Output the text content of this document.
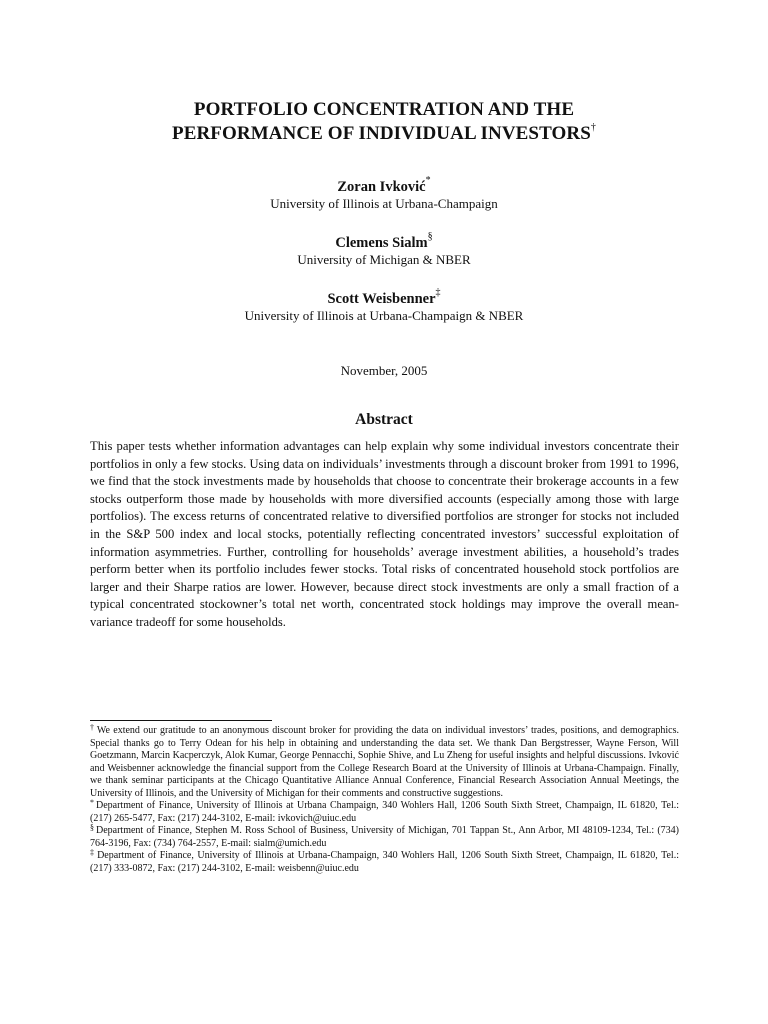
PORTFOLIO CONCENTRATION AND THE
PERFORMANCE OF INDIVIDUAL INVESTORS†
Zoran Ivković*
University of Illinois at Urbana-Champaign
Clemens Sialm§
University of Michigan & NBER
Scott Weisbenner‡
University of Illinois at Urbana-Champaign & NBER
November, 2005
Abstract
This paper tests whether information advantages can help explain why some individual investors concentrate their portfolios in only a few stocks. Using data on individuals’ investments through a discount broker from 1991 to 1996, we find that the stock investments made by households that choose to concentrate their brokerage accounts in a few stocks outperform those made by households with more diversified accounts (especially among those with large portfolios). The excess returns of concentrated relative to diversified portfolios are stronger for stocks not included in the S&P 500 index and local stocks, potentially reflecting concentrated investors’ successful exploitation of information asymmetries. Further, controlling for households’ average investment abilities, a household’s trades perform better when its portfolio includes fewer stocks. Total risks of concentrated household stock portfolios are larger and their Sharpe ratios are lower. However, because direct stock investments are only a small fraction of a typical concentrated stockowner’s total net worth, concentrated stock holdings may improve the overall mean-variance tradeoff for some households.

† We extend our gratitude to an anonymous discount broker for providing the data on individual investors’ trades, positions, and demographics. Special thanks go to Terry Odean for his help in obtaining and understanding the data set. We thank Dan Bergstresser, Wayne Ferson, Will Goetzmann, Marcin Kacperczyk, Alok Kumar, George Pennacchi, Sophie Shive, and Lu Zheng for useful insights and helpful discussions. Ivković and Weisbenner acknowledge the financial support from the College Research Board at the University of Illinois at Urbana-Champaign. Finally, we thank seminar participants at the Chicago Quantitative Alliance Annual Conference, Financial Research Association Annual Meetings, the University of Illinois, and the University of Michigan for their comments and constructive suggestions.

* Department of Finance, University of Illinois at Urbana Champaign, 340 Wohlers Hall, 1206 South Sixth Street, Champaign, IL 61820, Tel.: (217) 265-5477, Fax: (217) 244-3102, E-mail: ivkovich@uiuc.edu

§ Department of Finance, Stephen M. Ross School of Business, University of Michigan, 701 Tappan St., Ann Arbor, MI 48109-1234, Tel.: (734) 764-3196, Fax: (734) 764-2557, E-mail: sialm@umich.edu

‡ Department of Finance, University of Illinois at Urbana-Champaign, 340 Wohlers Hall, 1206 South Sixth Street, Champaign, IL 61820, Tel.: (217) 333-0872, Fax: (217) 244-3102, E-mail: weisbenn@uiuc.edu
